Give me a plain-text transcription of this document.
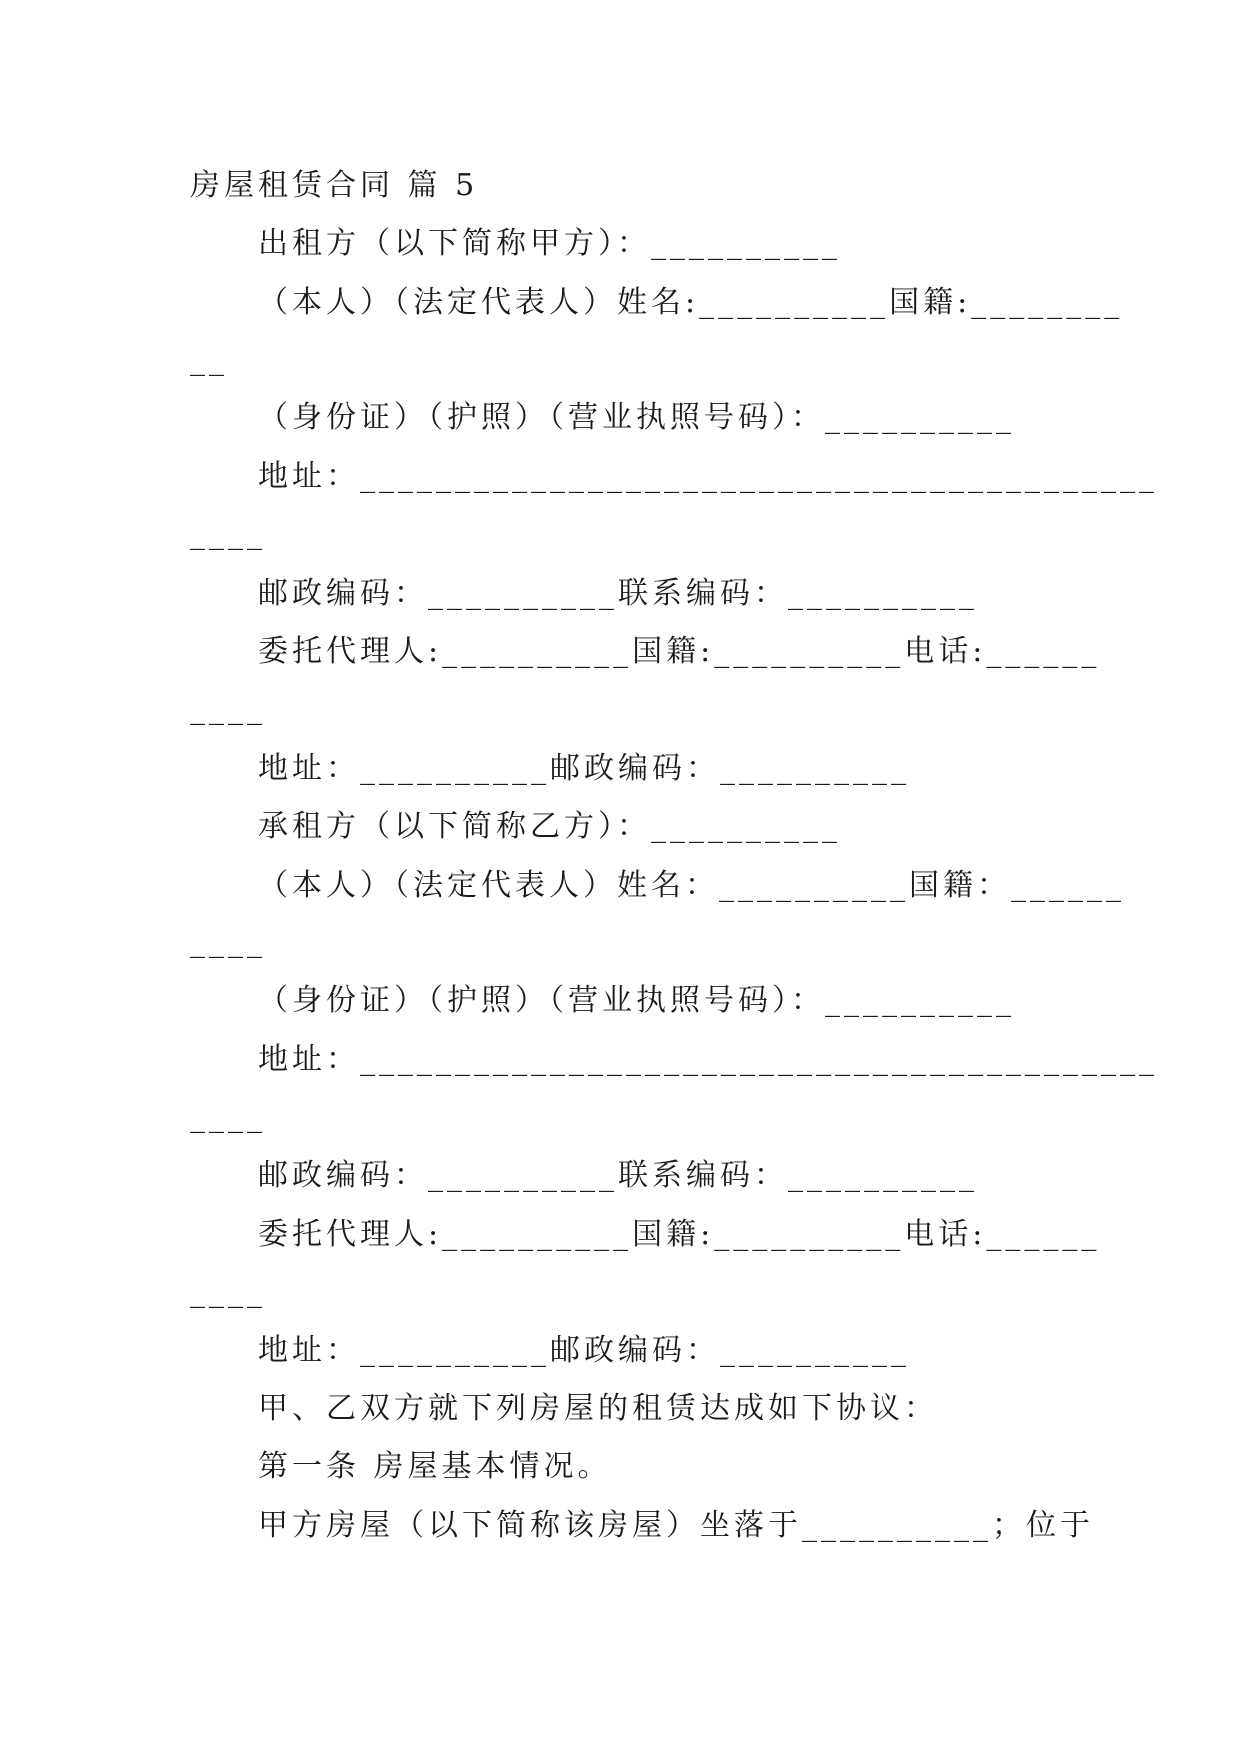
房屋租赁合同 篇 5
出租方（以下简称甲方）：__________
（本人）（法定代表人）姓名:__________国籍:________
__
（身份证）（护照）（营业执照号码）：__________
地址：__________________________________________
____
邮政编码：__________联系编码：__________
委托代理人:__________国籍:__________电话:______
____
地址：__________邮政编码：__________
承租方（以下简称乙方）：__________
（本人）（法定代表人）姓名：__________国籍：______
____
（身份证）（护照）（营业执照号码）：__________
地址：__________________________________________
____
邮政编码：__________联系编码：__________
委托代理人:__________国籍:__________电话:______
____
地址：__________邮政编码：__________
甲、乙双方就下列房屋的租赁达成如下协议：
第一条 房屋基本情况。
甲方房屋（以下简称该房屋）坐落于__________；位于
